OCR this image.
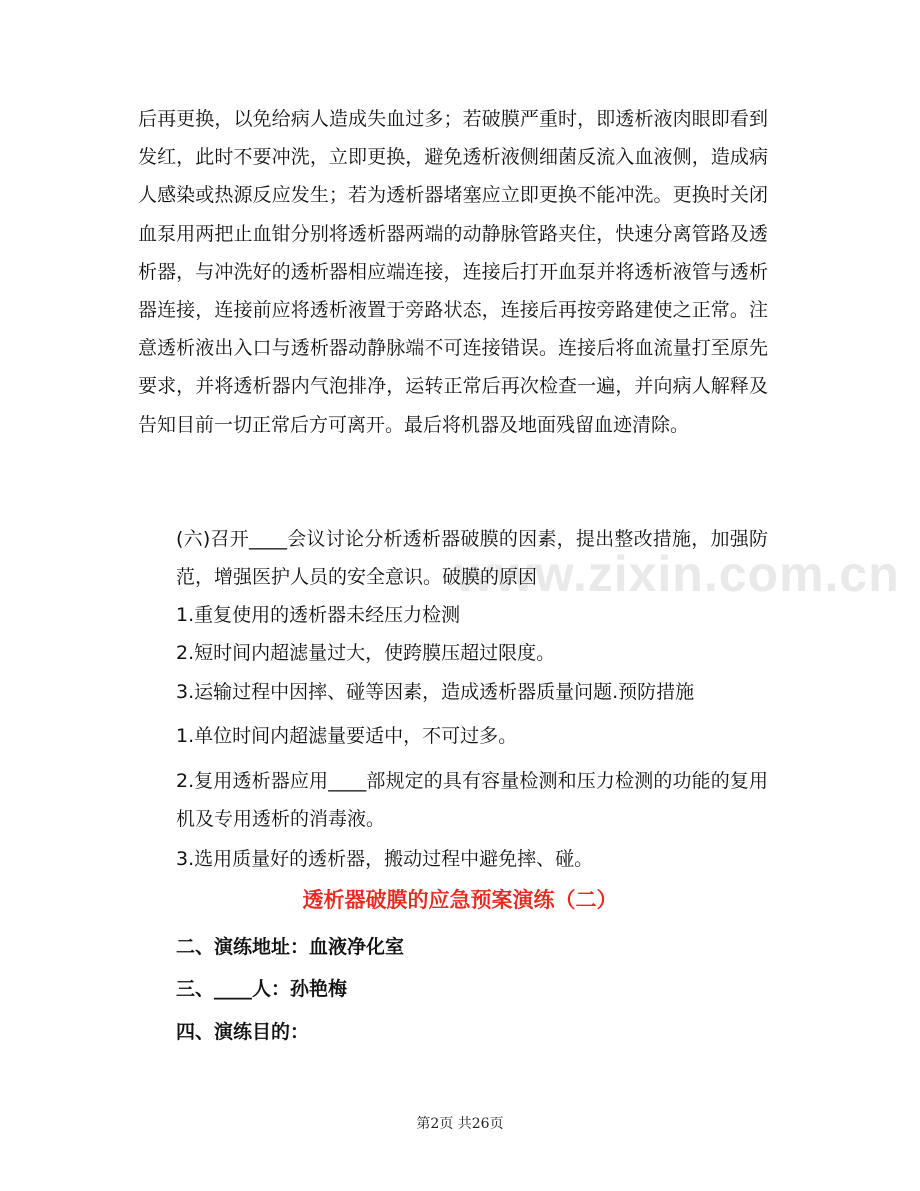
www.zixin.com.cn

后再更换，以免给病人造成失血过多；若破膜严重时，即透析液肉眼即看到发红，此时不要冲洗，立即更换，避免透析液侧细菌反流入血液侧，造成病人感染或热源反应发生；若为透析器堵塞应立即更换不能冲洗。更换时关闭血泵用两把止血钳分别将透析器两端的动静脉管路夹住，快速分离管路及透析器，与冲洗好的透析器相应端连接，连接后打开血泵并将透析液管与透析器连接，连接前应将透析液置于旁路状态，连接后再按旁路建使之正常。注意透析液出入口与透析器动静脉端不可连接错误。连接后将血流量打至原先要求，并将透析器内气泡排净，运转正常后再次检查一遍，并向病人解释及告知目前一切正常后方可离开。最后将机器及地面残留血迹清除。

(六)召开____会议讨论分析透析器破膜的因素，提出整改措施，加强防范，增强医护人员的安全意识。破膜的原因

1.重复使用的透析器未经压力检测

2.短时间内超滤量过大，使跨膜压超过限度。

3.运输过程中因摔、碰等因素，造成透析器质量问题.预防措施

1.单位时间内超滤量要适中，不可过多。

2.复用透析器应用____部规定的具有容量检测和压力检测的功能的复用机及专用透析的消毒液。

3.选用质量好的透析器，搬动过程中避免摔、碰。

透析器破膜的应急预案演练（二）

二、演练地址：血液净化室

三、____人：孙艳梅

四、演练目的：

第2页 共26页
